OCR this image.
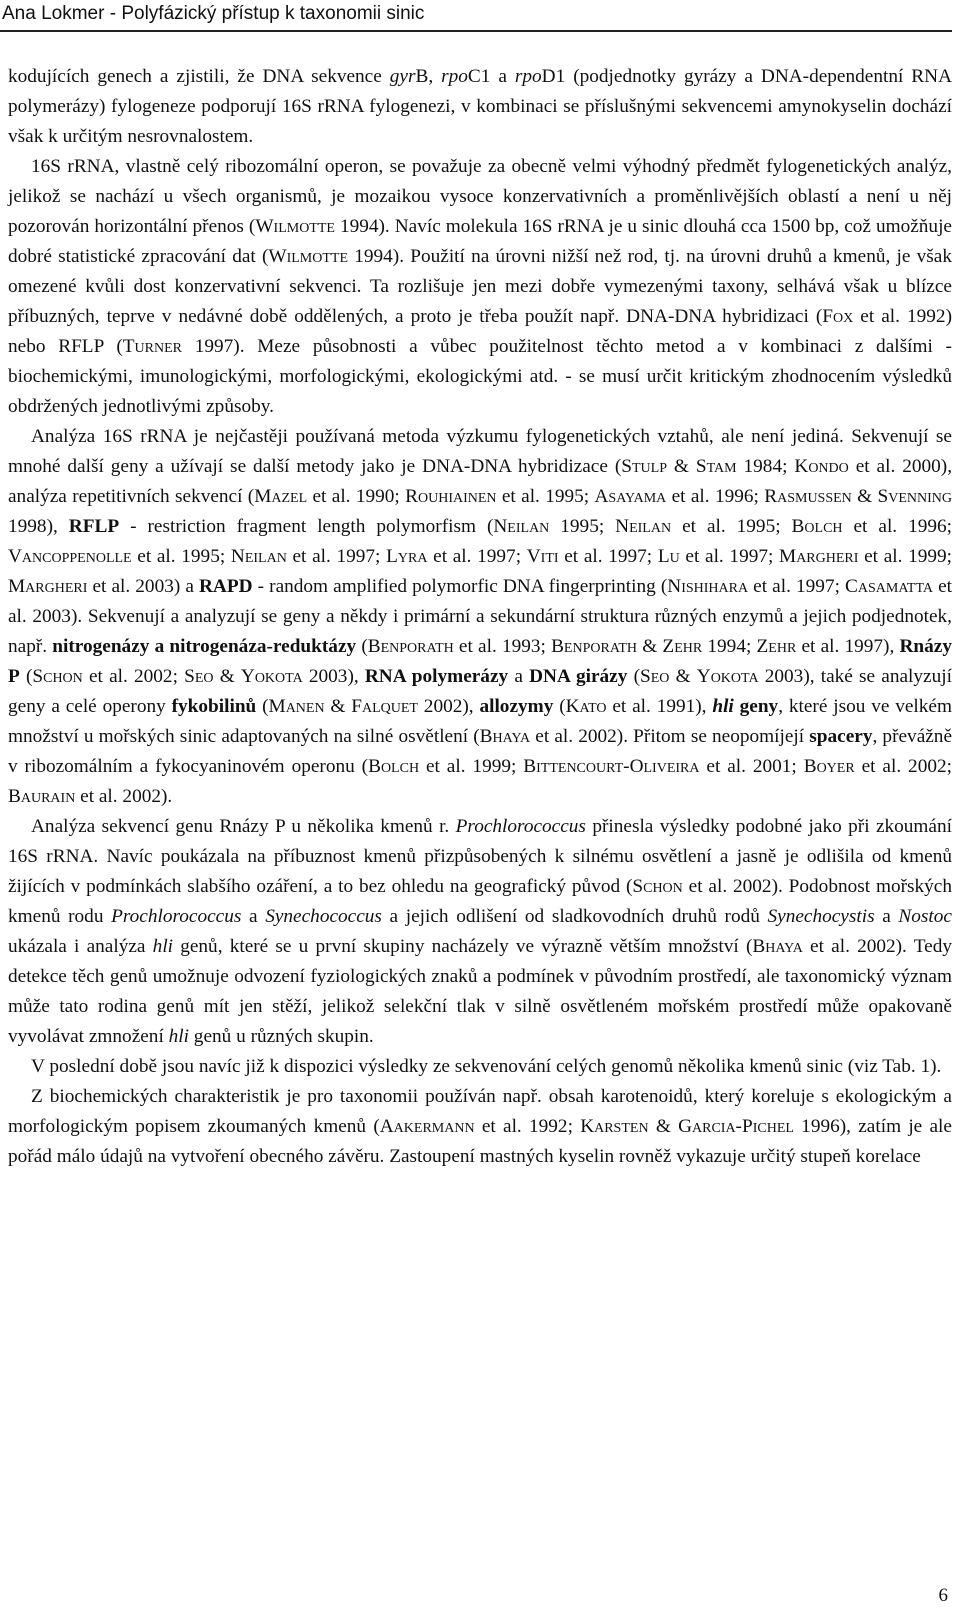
Ana Lokmer - Polyfázický přístup k taxonomii sinic

kodujících genech a zjistili, že DNA sekvence gyrB, rpoC1 a rpoD1 (podjednotky gyrázy a DNA-dependentní RNA polymerázy) fylogeneze podporují 16S rRNA fylogenezi, v kombinaci se příslušnými sekvencemi amynokyselin dochází však k určitým nesrovnalostem.

16S rRNA, vlastně celý ribozomální operon, se považuje za obecně velmi výhodný předmět fylogenetických analýz, jelikož se nachází u všech organismů, je mozaikou vysoce konzervativních a proměnlivějších oblastí a není u něj pozorován horizontální přenos (Wilmotte 1994). Navíc molekula 16S rRNA je u sinic dlouhá cca 1500 bp, což umožňuje dobré statistické zpracování dat (Wilmotte 1994). Použití na úrovni nižší než rod, tj. na úrovni druhů a kmenů, je však omezené kvůli dost konzervativní sekvenci. Ta rozlišuje jen mezi dobře vymezenými taxony, selhává však u blízce příbuzných, teprve v nedávné době oddělených, a proto je třeba použít např. DNA-DNA hybridizaci (Fox et al. 1992) nebo RFLP (Turner 1997). Meze působnosti a vůbec použitelnost těchto metod a v kombinaci z dalšími - biochemickými, imunologickými, morfologickými, ekologickými atd. - se musí určit kritickým zhodnocením výsledků obdržených jednotlivými způsoby.

Analýza 16S rRNA je nejčastěji používaná metoda výzkumu fylogenetických vztahů, ale není jediná. Sekvenují se mnohé další geny a užívají se další metody jako je DNA-DNA hybridizace (Stulp & Stam 1984; Kondo et al. 2000), analýza repetitivních sekvencí (Mazel et al. 1990; Rouhiainen et al. 1995; Asayama et al. 1996; Rasmussen & Svenning 1998), RFLP - restriction fragment length polymorfism (Neilan 1995; Neilan et al. 1995; Bolch et al. 1996; Vancoppenolle et al. 1995; Neilan et al. 1997; Lyra et al. 1997; Viti et al. 1997; Lu et al. 1997; Margheri et al. 1999; Margheri et al. 2003) a RAPD - random amplified polymorfic DNA fingerprinting (Nishihara et al. 1997; Casamatta et al. 2003). Sekvenují a analyzují se geny a někdy i primární a sekundární struktura různých enzymů a jejich podjednotek, např. nitrogenázy a nitrogenáza-reduktázy (Benporath et al. 1993; Benporath & Zehr 1994; Zehr et al. 1997), Rnázy P (Schon et al. 2002; Seo & Yokota 2003), RNA polymerázy a DNA girázy (Seo & Yokota 2003), také se analyzují geny a celé operony fykobilinů (Manen & Falquet 2002), allozymy (Kato et al. 1991), hli geny, které jsou ve velkém množství u mořských sinic adaptovaných na silné osvětlení (Bhaya et al. 2002). Přitom se neopomíjejí spacery, převážně v ribozomálním a fykocyaninovém operonu (Bolch et al. 1999; Bittencourt-Oliveira et al. 2001; Boyer et al. 2002; Baurain et al. 2002).

Analýza sekvencí genu Rnázy P u několika kmenů r. Prochlorococcus přinesla výsledky podobné jako při zkoumání 16S rRNA. Navíc poukázala na příbuznost kmenů přizpůsobených k silnému osvětlení a jasně je odlišila od kmenů žijících v podmínkách slabšího ozáření, a to bez ohledu na geografický původ (Schon et al. 2002). Podobnost mořských kmenů rodu Prochlorococcus a Synechococcus a jejich odlišení od sladkovodních druhů rodů Synechocystis a Nostoc ukázala i analýza hli genů, které se u první skupiny nacházely ve výrazně větším množství (Bhaya et al. 2002). Tedy detekce těch genů umožnuje odvození fyziologických znaků a podmínek v původním prostředí, ale taxonomický význam může tato rodina genů mít jen stěží, jelikož selekční tlak v silně osvětleném mořském prostředí může opakovaně vyvolávat zmnožení hli genů u různých skupin.

V poslední době jsou navíc již k dispozici výsledky ze sekvenování celých genomů několika kmenů sinic (viz Tab. 1).

Z biochemických charakteristik je pro taxonomii používán např. obsah karotenoidů, který koreluje s ekologickým a morfologickým popisem zkoumaných kmenů (Aakermann et al. 1992; Karsten & Garcia-Pichel 1996), zatím je ale pořád málo údajů na vytvoření obecného závěru. Zastoupení mastných kyselin rovněž vykazuje určitý stupeň korelace

6
